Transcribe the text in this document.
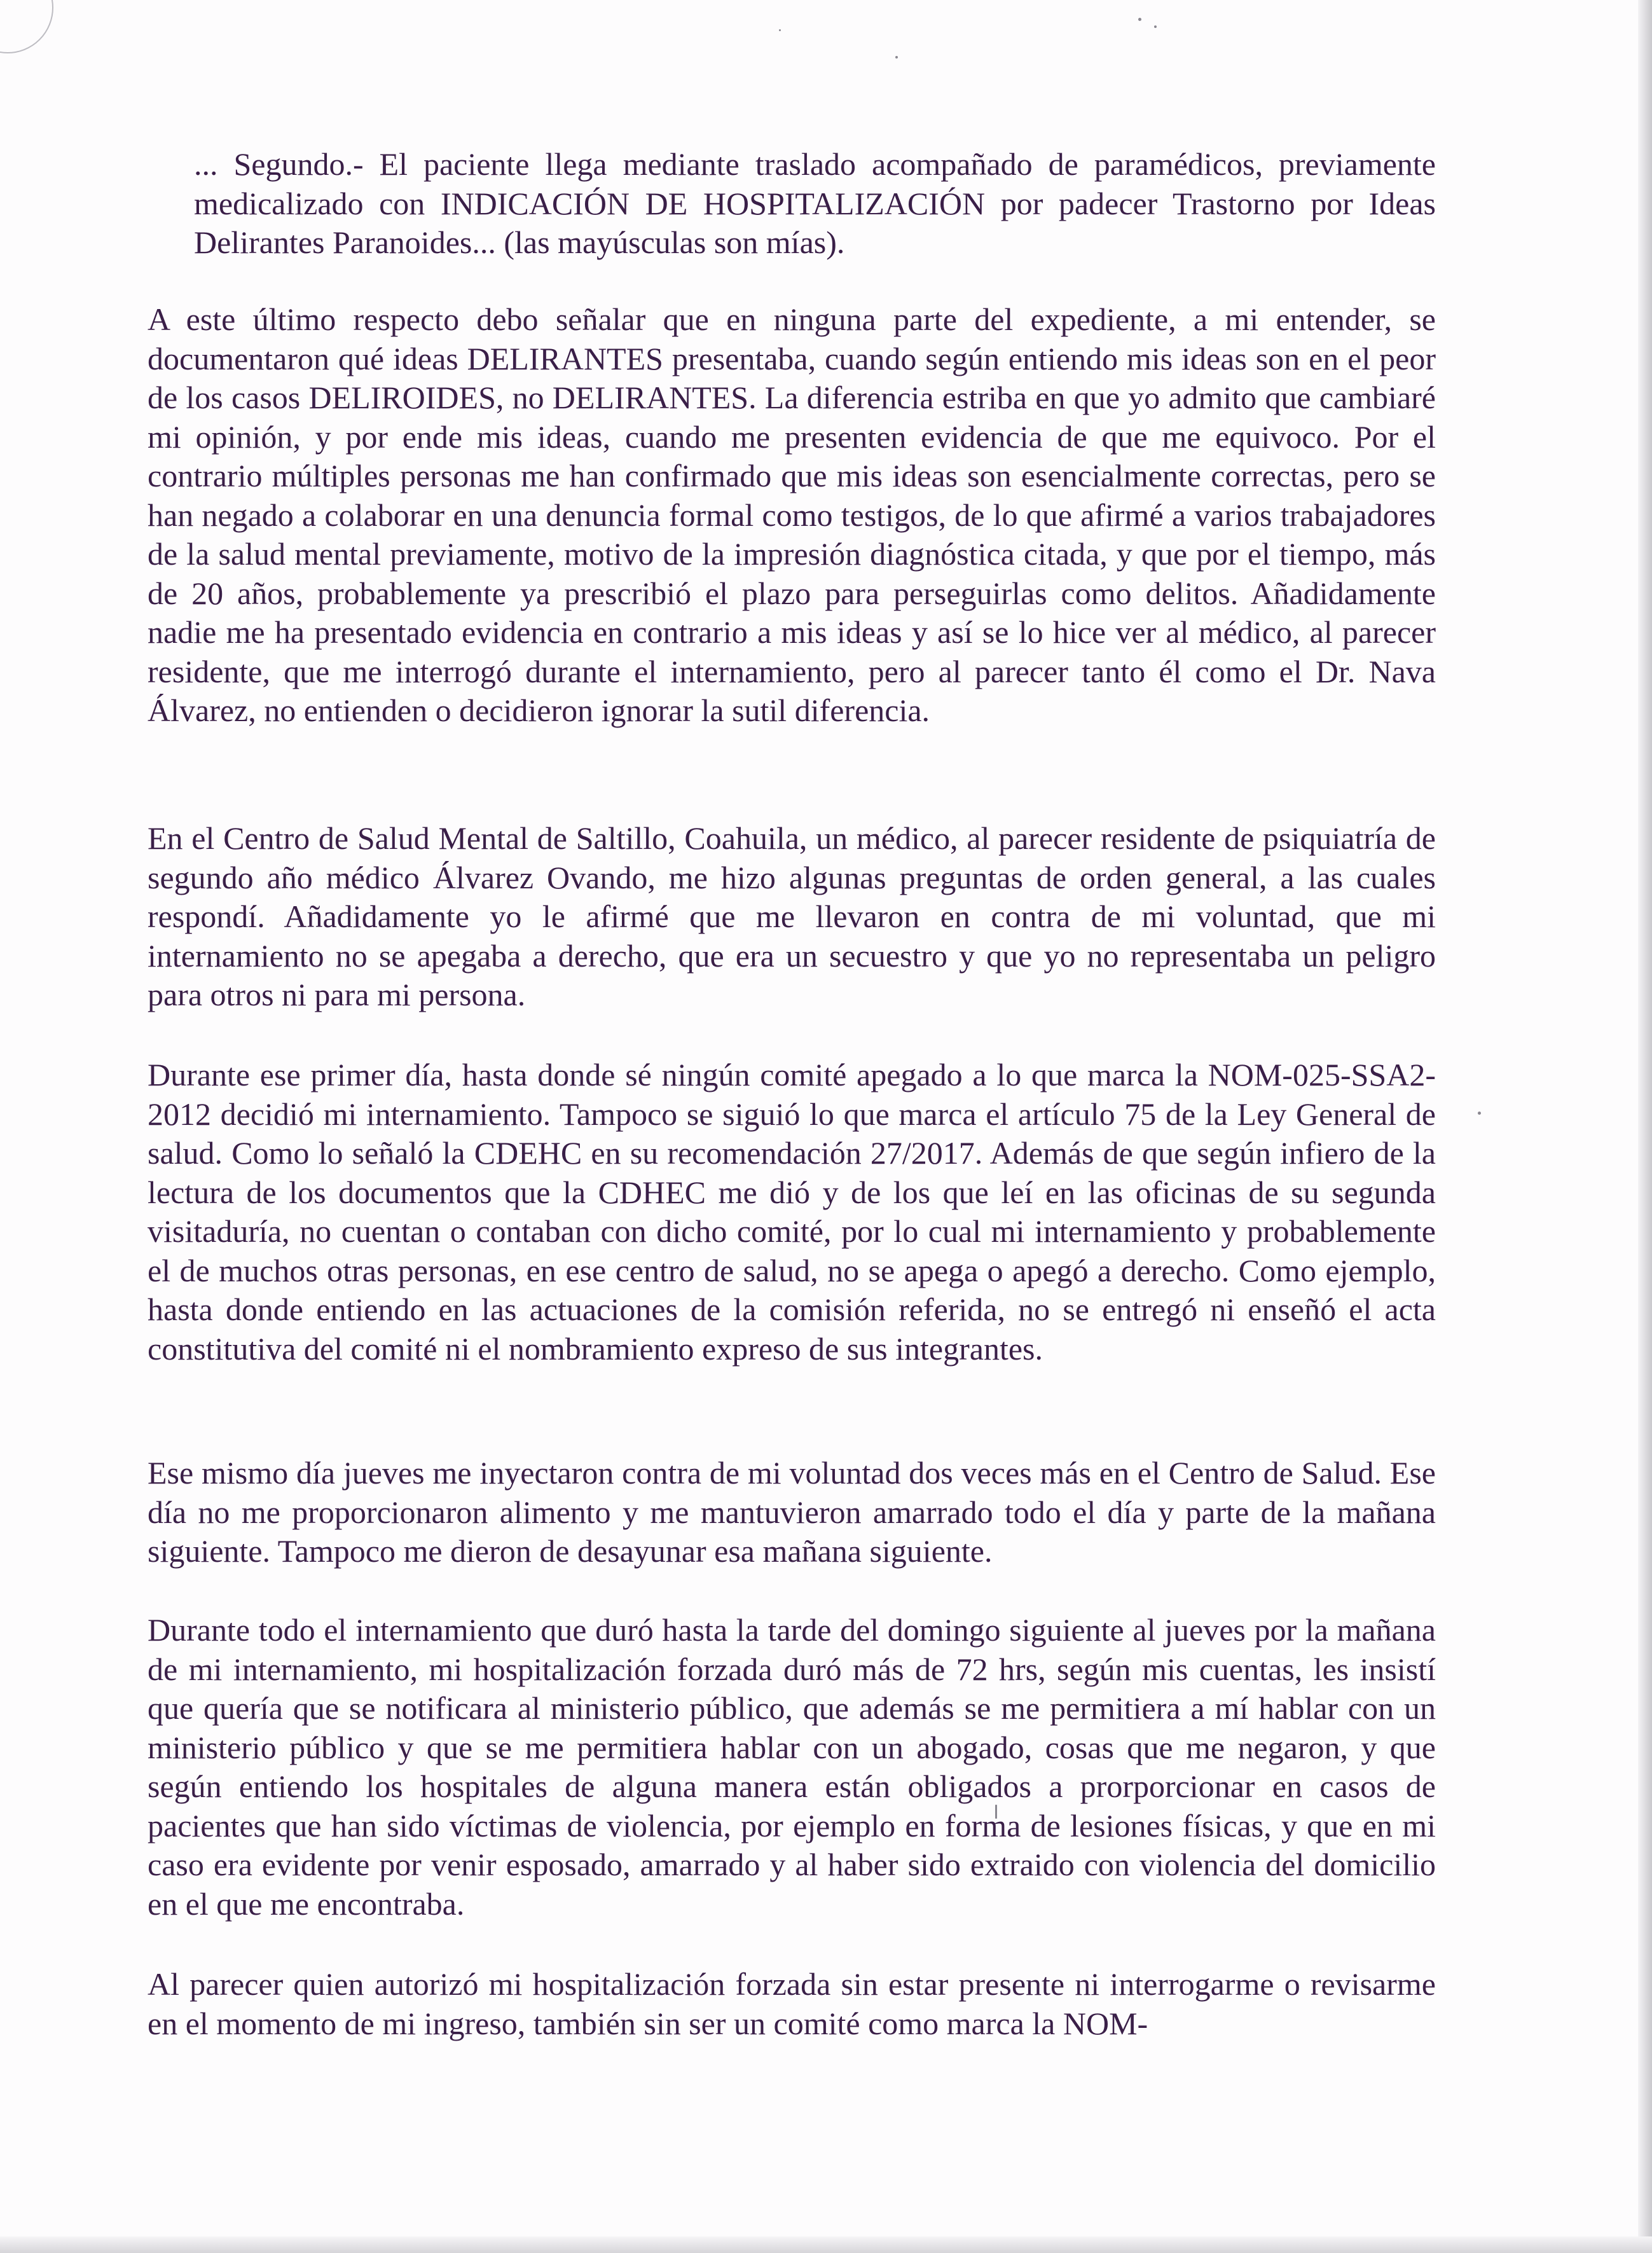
... Segundo.- El paciente llega mediante traslado acompañado de paramédicos, previamente medicalizado con INDICACIÓN DE HOSPITALIZACIÓN por padecer Trastorno por Ideas Delirantes Paranoides... (las mayúsculas son mías).

A este último respecto debo señalar que en ninguna parte del expediente, a mi entender, se documentaron qué ideas DELIRANTES presentaba, cuando según entiendo mis ideas son en el peor de los casos DELIROIDES, no DELIRANTES. La diferencia estriba en que yo admito que cambiaré mi opinión, y por ende mis ideas, cuando me presenten evidencia de que me equivoco. Por el contrario múltiples personas me han confirmado que mis ideas son esencialmente correctas, pero se han negado a colaborar en una denuncia formal como testigos, de lo que afirmé a varios trabajadores de la salud mental previamente, motivo de la impresión diagnóstica citada, y que por el tiempo, más de 20 años, probablemente ya prescribió el plazo para perseguirlas como delitos. Añadidamente nadie me ha presentado evidencia en contrario a mis ideas y así se lo hice ver al médico, al parecer residente, que me interrogó durante el internamiento, pero al parecer tanto él como el Dr. Nava Álvarez, no entienden o decidieron ignorar la sutil diferencia.

En el Centro de Salud Mental de Saltillo, Coahuila, un médico, al parecer residente de psiquiatría de segundo año médico Álvarez Ovando, me hizo algunas preguntas de orden general, a las cuales respondí. Añadidamente yo le afirmé que me llevaron en contra de mi voluntad, que mi internamiento no se apegaba a derecho, que era un secuestro y que yo no representaba un peligro para otros ni para mi persona.

Durante ese primer día, hasta donde sé ningún comité apegado a lo que marca la NOM-025-SSA2-2012 decidió mi internamiento. Tampoco se siguió lo que marca el artículo 75 de la Ley General de salud. Como lo señaló la CDEHC en su recomendación 27/2017. Además de que según infiero de la lectura de los documentos que la CDHEC me dió y de los que leí en las oficinas de su segunda visitaduría, no cuentan o contaban con dicho comité, por lo cual mi internamiento y probablemente el de muchos otras personas, en ese centro de salud, no se apega o apegó a derecho. Como ejemplo, hasta donde entiendo en las actuaciones de la comisión referida, no se entregó ni enseñó el acta constitutiva del comité ni el nombramiento expreso de sus integrantes.

Ese mismo día jueves me inyectaron contra de mi voluntad dos veces más en el Centro de Salud. Ese día no me proporcionaron alimento y me mantuvieron amarrado todo el día y parte de la mañana siguiente. Tampoco me dieron de desayunar esa mañana siguiente.

Durante todo el internamiento que duró hasta la tarde del domingo siguiente al jueves por la mañana de mi internamiento, mi hospitalización forzada duró más de 72 hrs, según mis cuentas, les insistí que quería que se notificara al ministerio público, que además se me permitiera a mí hablar con un ministerio público y que se me permitiera hablar con un abogado, cosas que me negaron, y que según entiendo los hospitales de alguna manera están obligados a prorporcionar en casos de pacientes que han sido víctimas de violencia, por ejemplo en forma de lesiones físicas, y que en mi caso era evidente por venir esposado, amarrado y al haber sido extraido con violencia del domicilio en el que me encontraba.

Al parecer quien autorizó mi hospitalización forzada sin estar presente ni interrogarme o revisarme en el momento de mi ingreso, también sin ser un comité como marca la NOM-
